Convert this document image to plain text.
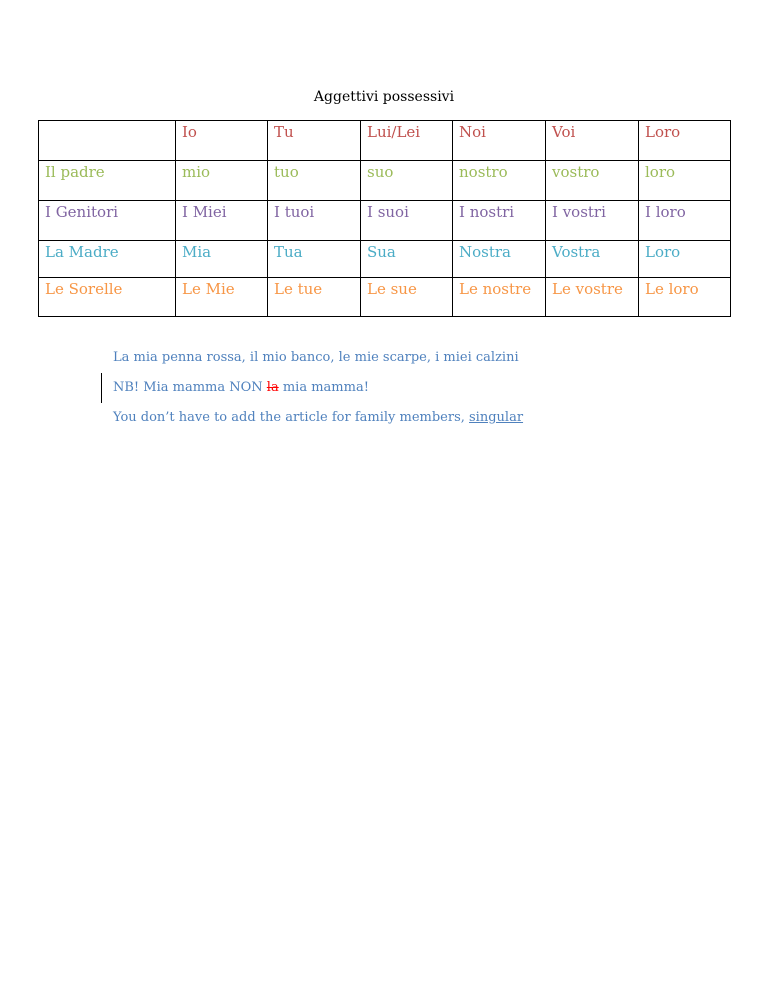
Aggettivi possessivi
	Io	Tu	Lui/Lei	Noi	Voi	Loro
Il padre	mio	tuo	suo	nostro	vostro	loro
I Genitori	I Miei	I tuoi	I suoi	I nostri	I vostri	I loro
La Madre	Mia	Tua	Sua	Nostra	Vostra	Loro
Le Sorelle	Le Mie	Le tue	Le sue	Le nostre	Le vostre	Le loro
La mia penna rossa, il mio banco, le mie scarpe, i miei calzini
NB! Mia mamma NON la mia mamma!
You don’t have to add the article for family members, singular
